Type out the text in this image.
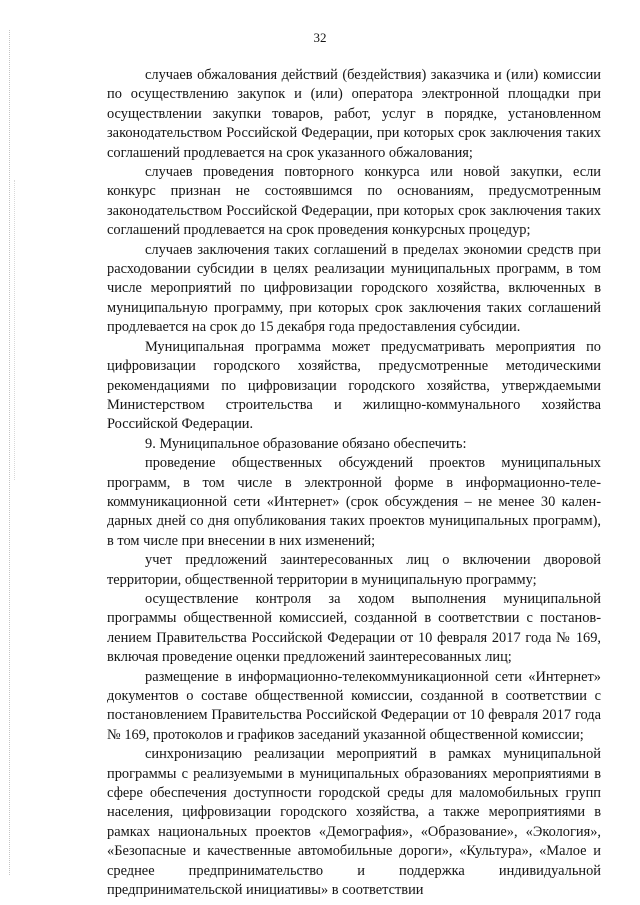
32

случаев обжалования действий (бездействия) заказчика и (или) комиссии по осуществлению закупок и (или) оператора электронной площадки при осуществлении закупки товаров, работ, услуг в порядке, установленном законодательством Российской Федерации, при которых срок заключения таких соглашений продлевается на срок указанного обжалования;

случаев проведения повторного конкурса или новой закупки, если конкурс признан не состоявшимся по основаниям, предусмотренным законодательством Российской Федерации, при которых срок заключения таких соглашений продлевается на срок проведения конкурсных процедур;

случаев заключения таких соглашений в пределах экономии средств при расходовании субсидии в целях реализации муниципальных программ, в том числе мероприятий по цифровизации городского хозяйства, включенных в муниципальную программу, при которых срок заключения таких соглашений продлевается на срок до 15 декабря года предоставления субсидии.

Муниципальная программа может предусматривать мероприятия по цифровизации городского хозяйства, предусмотренные методическими рекомендациями по цифровизации городского хозяйства, утверждаемыми Министерством строительства и жилищно-коммунального хозяйства Российской Федерации.

9. Муниципальное образование обязано обеспечить:

проведение общественных обсуждений проектов муниципальных программ, в том числе в электронной форме в информационно-телекоммуникационной сети «Интернет» (срок обсуждения – не менее 30 календарных дней со дня опубликования таких проектов муниципальных программ), в том числе при внесении в них изменений;

учет предложений заинтересованных лиц о включении дворовой территории, общественной территории в муниципальную программу;

осуществление контроля за ходом выполнения муниципальной программы общественной комиссией, созданной в соответствии с постановлением Правительства Российской Федерации от 10 февраля 2017 года № 169, включая проведение оценки предложений заинтересованных лиц;

размещение в информационно-телекоммуникационной сети «Интернет» документов о составе общественной комиссии, созданной в соответствии с постановлением Правительства Российской Федерации от 10 февраля 2017 года № 169, протоколов и графиков заседаний указанной общественной комиссии;

синхронизацию реализации мероприятий в рамках муниципальной программы с реализуемыми в муниципальных образованиях мероприятиями в сфере обеспечения доступности городской среды для маломобильных групп населения, цифровизации городского хозяйства, а также мероприятиями в рамках национальных проектов «Демография», «Образование», «Экология», «Безопасные и качественные автомобильные дороги», «Культура», «Малое и среднее предпринимательство и поддержка индивидуальной предпринимательской инициативы» в соответствии
